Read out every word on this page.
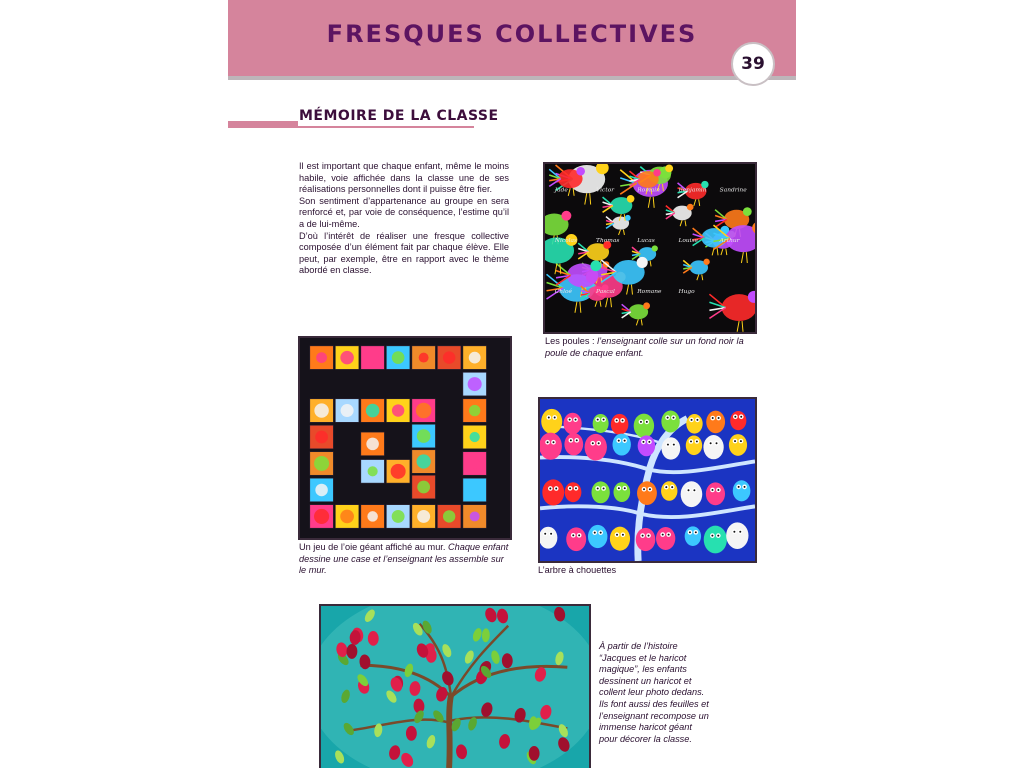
FRESQUES COLLECTIVES
39
MÉMOIRE DE LA CLASSE

Il est important que chaque enfant, même le moins habile, voie affichée dans la classe une de ses réalisations personnelles dont il puisse être fier.

Son sentiment d’appartenance au groupe en sera renforcé et, par voie de conséquence, l’estime qu’il a de lui-même.

D’où l’intérêt de réaliser une fresque collective composée d’un élément fait par chaque élève. Elle peut, par exemple, être en rapport avec le thème abordé en classe.

Jade	Victor	Romain	Benjamin Sandrine
Nicolas	Thomas	Lucas	Louise	Arthur
Chloé	Pascal	Romane	Hugo
Les poules : l’enseignant colle sur un fond noir la poule de chaque enfant.
Un jeu de l’oie géant affiché au mur. Chaque enfant dessine une case et l’enseignant les assemble sur le mur.	L’arbre à chouettes
À partir de l’histoire “Jacques et le haricot magique”, les enfants dessinent un haricot et collent leur photo dedans. Ils font aussi des feuilles et l’enseignant recompose un immense haricot géant pour décorer la classe.
